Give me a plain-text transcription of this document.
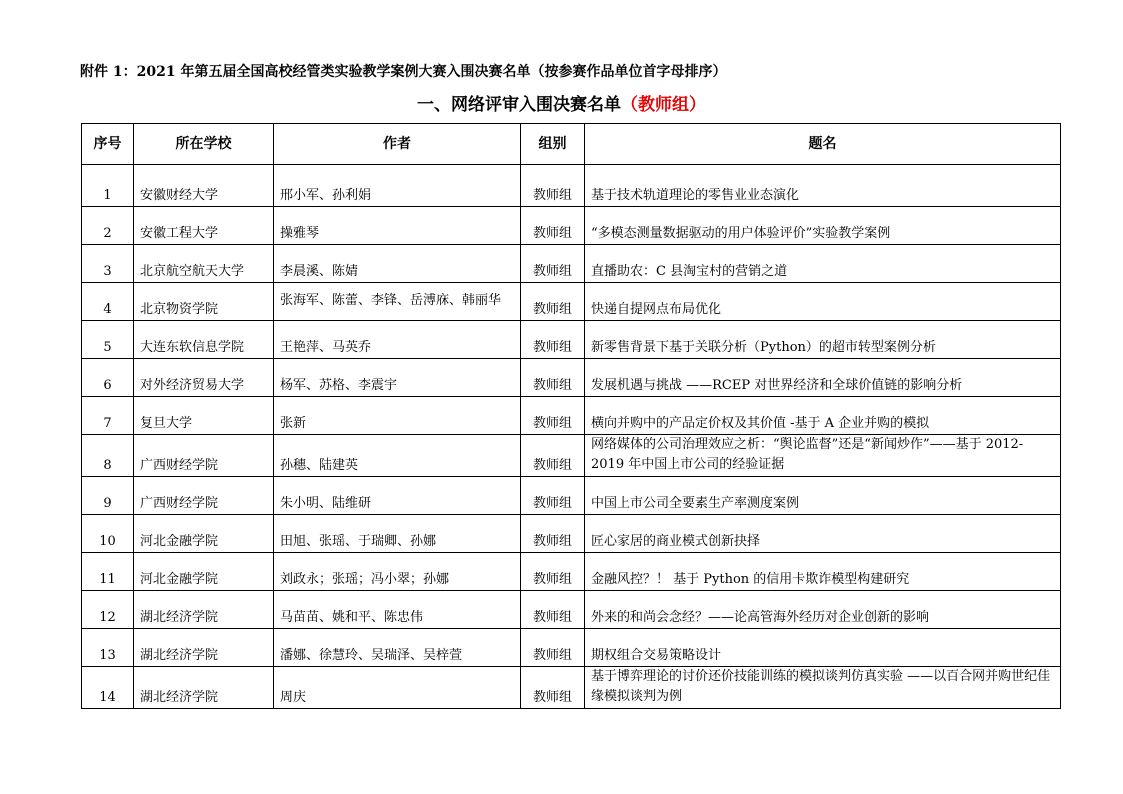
附件 1：2021 年第五届全国高校经管类实验教学案例大赛入围决赛名单（按参赛作品单位首字母排序）
一、网络评审入围决赛名单（教师组）
序号	所在学校	作者	组别	题名
1	安徽财经大学	邢小军、孙利娟	教师组	基于技术轨道理论的零售业业态演化
2	安徽工程大学	操雅琴	教师组	“多模态测量数据驱动的用户体验评价”实验教学案例
3	北京航空航天大学	李晨溪、陈婧	教师组	直播助农：C 县淘宝村的营销之道
4	北京物资学院	张海军、陈蕾、李锋、岳溥庥、韩丽华	教师组	快递自提网点布局优化
5	大连东软信息学院	王艳萍、马英乔	教师组	新零售背景下基于关联分析（Python）的超市转型案例分析
6	对外经济贸易大学	杨军、苏格、李震宇	教师组	发展机遇与挑战 ——RCEP 对世界经济和全球价值链的影响分析
7	复旦大学	张新	教师组	横向并购中的产品定价权及其价值 -基于 A 企业并购的模拟
8	广西财经学院	孙穗、陆建英	教师组	网络媒体的公司治理效应之析：“舆论监督”还是“新闻炒作”——基于 2012-2019 年中国上市公司的经验证据
9	广西财经学院	朱小明、陆维研	教师组	中国上市公司全要素生产率测度案例
10	河北金融学院	田旭、张瑶、于瑞卿、孙娜	教师组	匠心家居的商业模式创新抉择
11	河北金融学院	刘政永；张瑶；冯小翠；孙娜	教师组	金融风控？！ 基于 Python 的信用卡欺诈模型构建研究
12	湖北经济学院	马苗苗、姚和平、陈忠伟	教师组	外来的和尚会念经？——论高管海外经历对企业创新的影响
13	湖北经济学院	潘娜、徐慧玲、吴瑞泽、吴梓萱	教师组	期权组合交易策略设计
14	湖北经济学院	周庆	教师组	基于博弈理论的讨价还价技能训练的模拟谈判仿真实验 ——以百合网并购世纪佳缘模拟谈判为例
